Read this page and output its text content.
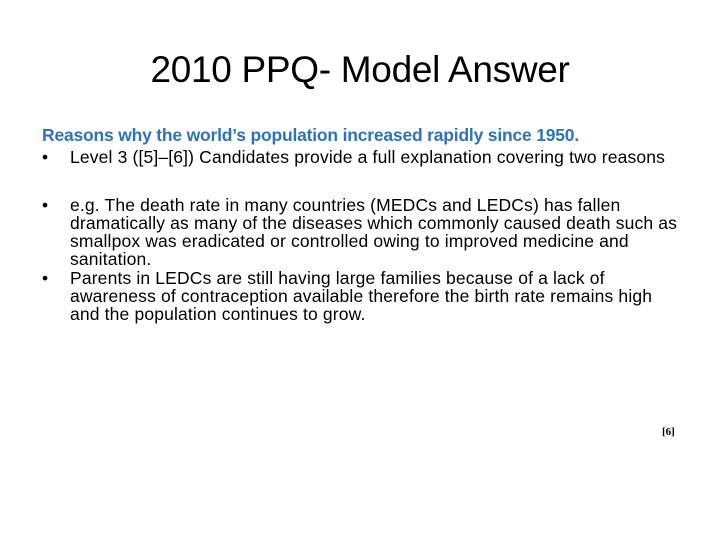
2010 PPQ- Model Answer

Reasons why the world’s population increased rapidly since 1950.

•	Level 3 ([5]–[6]) Candidates provide a full explanation covering two reasons
•	e.g. The death rate in many countries (MEDCs and LEDCs) has fallen dramatically as many of the diseases which commonly caused death such as smallpox was eradicated or controlled owing to improved medicine and sanitation.
•	Parents in LEDCs are still having large families because of a lack of awareness of contraception available therefore the birth rate remains high and the population continues to grow.
[6]
